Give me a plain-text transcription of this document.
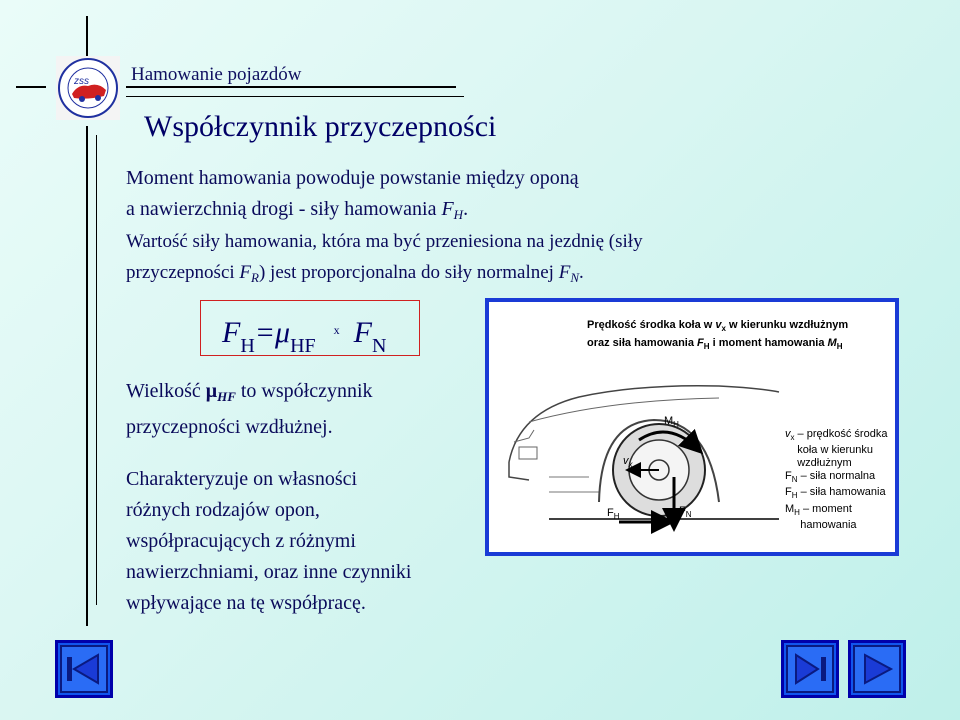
zss Hamowanie pojazdów
Współczynnik przyczepności
Moment hamowania powoduje powstanie między oponą
a nawierzchnią drogi - siły hamowania $F_H$.
Wartość siły hamowania, która ma być przeniesiona na jezdnię (siły
przyczepności $F_R$) jest proporcjonalna do siły normalnej $F_N$.
$F_H=\mu_{HF}^x$ $F_N$
Wielkość $\mu_{HF}$ to współczynnik
przyczepności wzdłużnej.
Charakteryzuje on własności
różnych rodzajów opon,
współpracujących z różnymi
nawierzchniami, oraz inne czynniki
wpływające na tę współpracę.
Prędkość środka koła w $v_x$ w kierunku wzdłużnym
oraz siła hamowania $F_H$ i moment hamowania $M_H$
$M_H$
$v_x$
$F_H$	$F_N$
$v_x$ – prędkość środka
koła w kierunku
wzdłużnym
$F_N$ – siła normalna
$F_H$ – siła hamowania
$M_H$ – moment
hamowania
